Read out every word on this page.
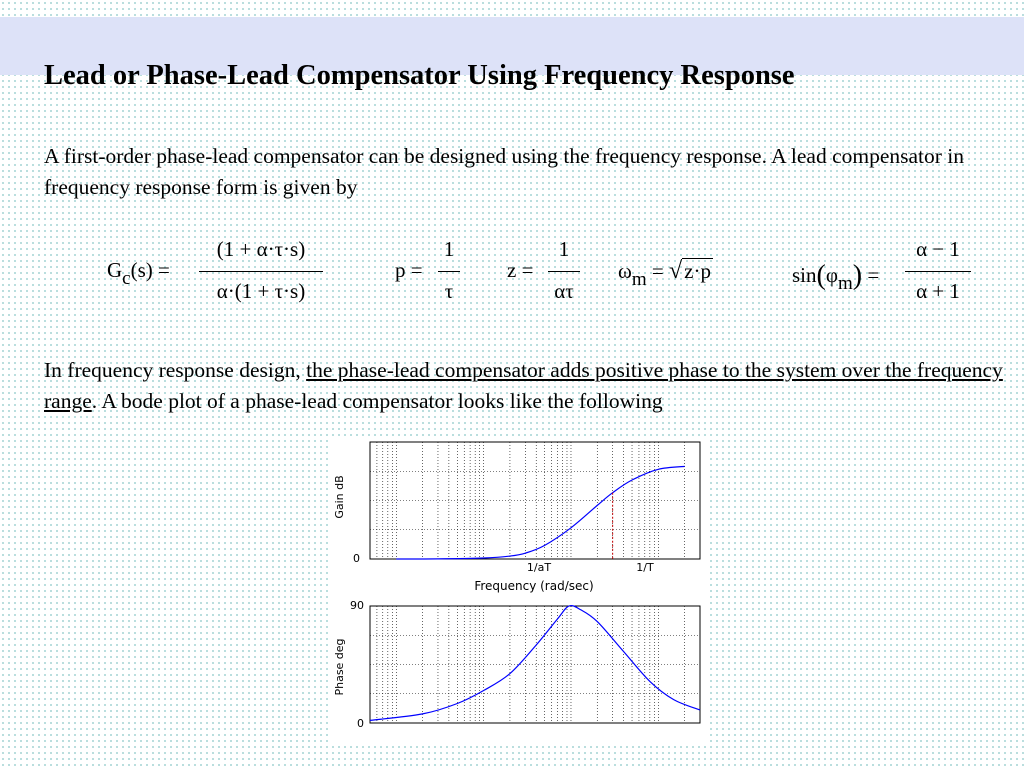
Lead or Phase-Lead Compensator Using Frequency Response
A first-order phase-lead compensator can be designed using the frequency response. A lead compensator in frequency response form is given by
Gc(s) =
(1 + α·τ·s)
α·(1 + τ·s)
p =
1
τ
z =
1
ατ
ωm = √z·p	sin(φm) =
α − 1
α + 1
In frequency response design, the phase-lead compensator adds positive phase to the system over the frequency range. A bode plot of a phase-lead compensator looks like the following
Gain dB
0
1/aT	1/T
Frequency (rad/sec)
Phase deg
90
0
